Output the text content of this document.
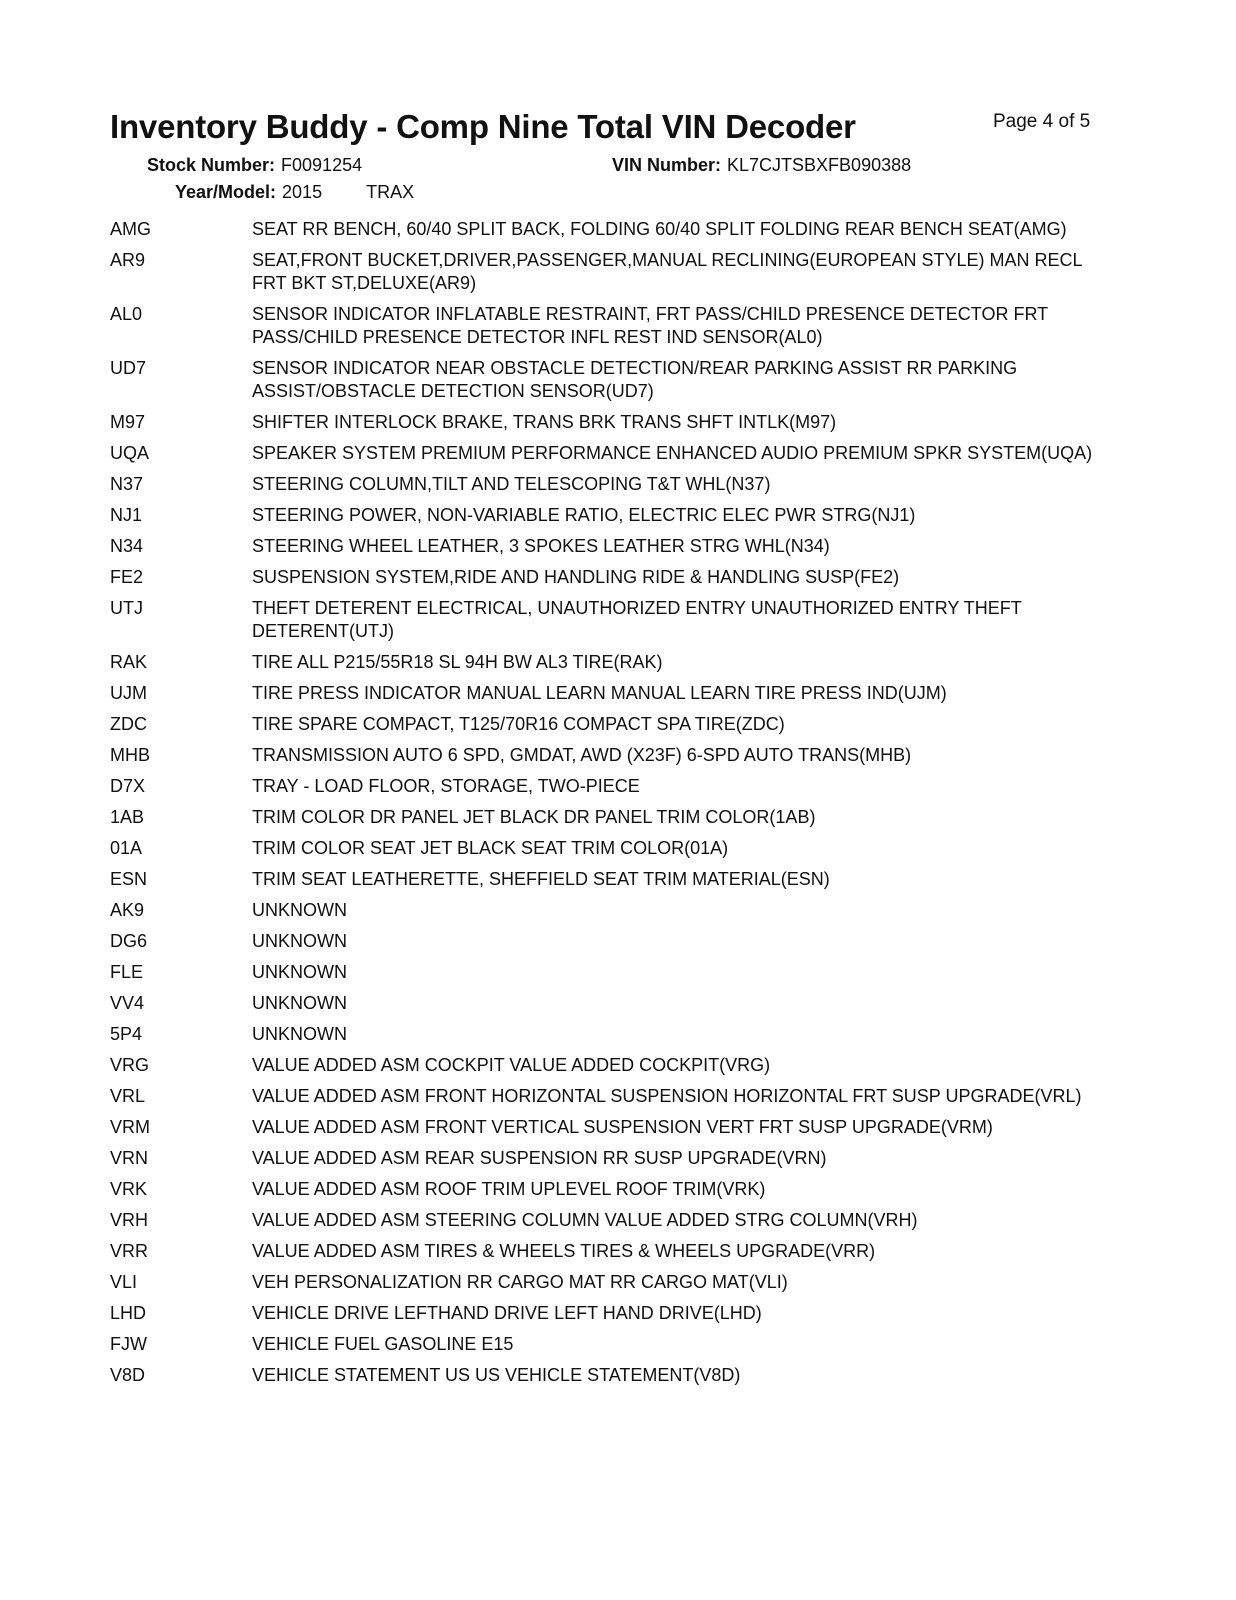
Inventory Buddy - Comp Nine Total VIN Decoder	Page 4 of 5
Stock Number: F0091254	VIN Number: KL7CJTSBXFB090388
Year/Model: 2015 TRAX
AMG	SEAT RR BENCH, 60/40 SPLIT BACK, FOLDING 60/40 SPLIT FOLDING REAR BENCH SEAT(AMG)
AR9	SEAT,FRONT BUCKET,DRIVER,PASSENGER,MANUAL RECLINING(EUROPEAN STYLE) MAN RECL FRT BKT ST,DELUXE(AR9)
AL0	SENSOR INDICATOR INFLATABLE RESTRAINT, FRT PASS/CHILD PRESENCE DETECTOR FRT PASS/CHILD PRESENCE DETECTOR INFL REST IND SENSOR(AL0)
UD7	SENSOR INDICATOR NEAR OBSTACLE DETECTION/REAR PARKING ASSIST RR PARKING ASSIST/OBSTACLE DETECTION SENSOR(UD7)
M97	SHIFTER INTERLOCK BRAKE, TRANS BRK TRANS SHFT INTLK(M97)
UQA	SPEAKER SYSTEM PREMIUM PERFORMANCE ENHANCED AUDIO PREMIUM SPKR SYSTEM(UQA)
N37	STEERING COLUMN,TILT AND TELESCOPING T&T WHL(N37)
NJ1	STEERING POWER, NON-VARIABLE RATIO, ELECTRIC ELEC PWR STRG(NJ1)
N34	STEERING WHEEL LEATHER, 3 SPOKES LEATHER STRG WHL(N34)
FE2	SUSPENSION SYSTEM,RIDE AND HANDLING RIDE & HANDLING SUSP(FE2)
UTJ	THEFT DETERENT ELECTRICAL, UNAUTHORIZED ENTRY UNAUTHORIZED ENTRY THEFT DETERENT(UTJ)
RAK	TIRE ALL P215/55R18 SL 94H BW AL3 TIRE(RAK)
UJM	TIRE PRESS INDICATOR MANUAL LEARN MANUAL LEARN TIRE PRESS IND(UJM)
ZDC	TIRE SPARE COMPACT, T125/70R16 COMPACT SPA TIRE(ZDC)
MHB	TRANSMISSION AUTO 6 SPD, GMDAT, AWD (X23F) 6-SPD AUTO TRANS(MHB)
D7X	TRAY - LOAD FLOOR, STORAGE, TWO-PIECE
1AB	TRIM COLOR DR PANEL JET BLACK DR PANEL TRIM COLOR(1AB)
01A	TRIM COLOR SEAT JET BLACK SEAT TRIM COLOR(01A)
ESN	TRIM SEAT LEATHERETTE, SHEFFIELD SEAT TRIM MATERIAL(ESN)
AK9	UNKNOWN
DG6	UNKNOWN
FLE	UNKNOWN
VV4	UNKNOWN
5P4	UNKNOWN
VRG	VALUE ADDED ASM COCKPIT VALUE ADDED COCKPIT(VRG)
VRL	VALUE ADDED ASM FRONT HORIZONTAL SUSPENSION HORIZONTAL FRT SUSP UPGRADE(VRL)
VRM	VALUE ADDED ASM FRONT VERTICAL SUSPENSION VERT FRT SUSP UPGRADE(VRM)
VRN	VALUE ADDED ASM REAR SUSPENSION RR SUSP UPGRADE(VRN)
VRK	VALUE ADDED ASM ROOF TRIM UPLEVEL ROOF TRIM(VRK)
VRH	VALUE ADDED ASM STEERING COLUMN VALUE ADDED STRG COLUMN(VRH)
VRR	VALUE ADDED ASM TIRES & WHEELS TIRES & WHEELS UPGRADE(VRR)
VLI	VEH PERSONALIZATION RR CARGO MAT RR CARGO MAT(VLI)
LHD	VEHICLE DRIVE LEFTHAND DRIVE LEFT HAND DRIVE(LHD)
FJW	VEHICLE FUEL GASOLINE E15
V8D	VEHICLE STATEMENT US US VEHICLE STATEMENT(V8D)
